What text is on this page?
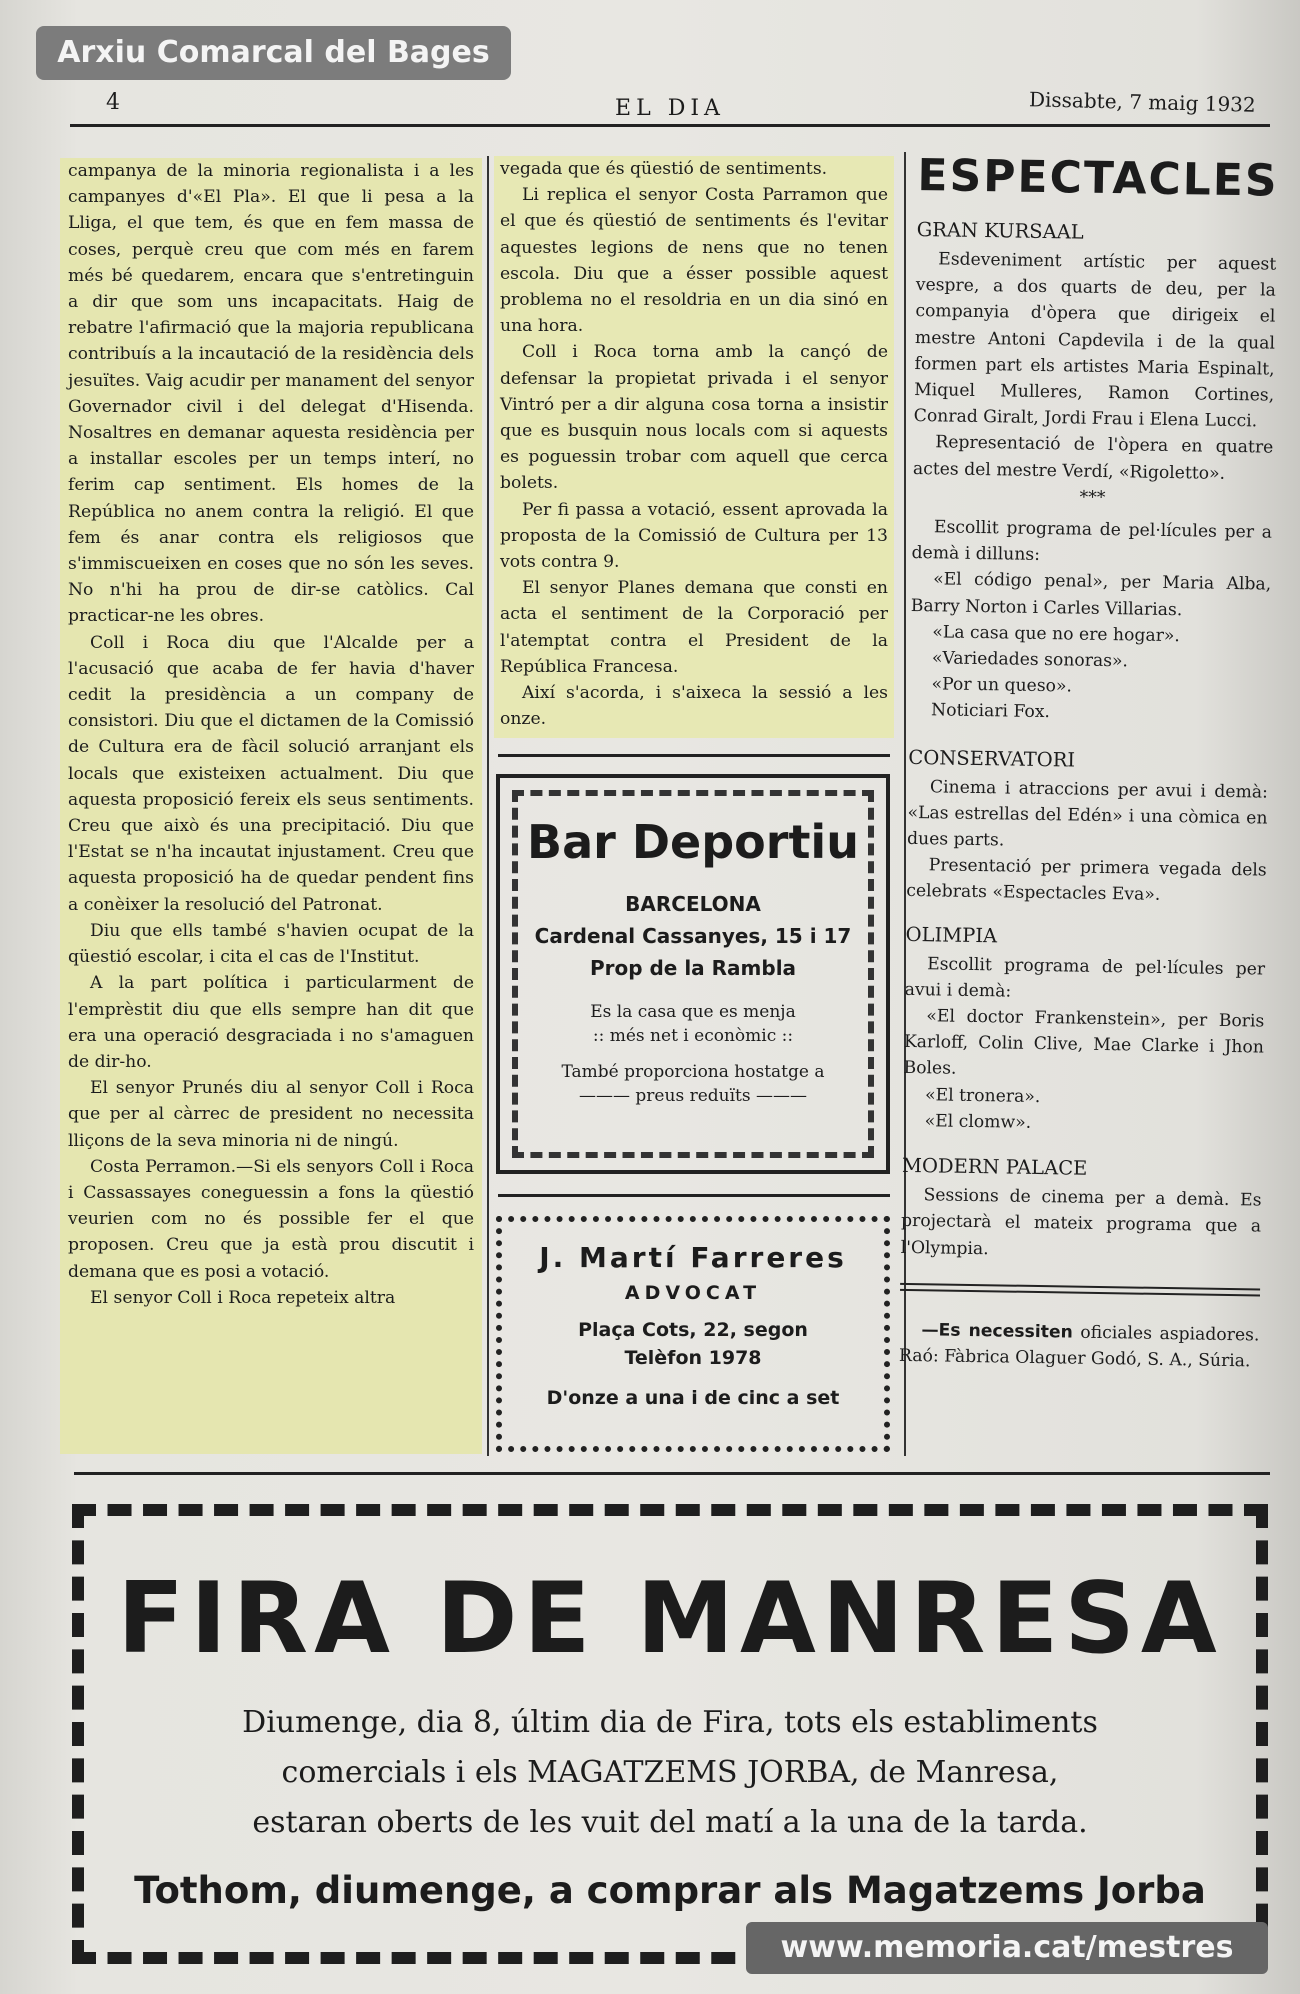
Arxiu Comarcal del Bages
4	EL DIA	Dissabte, 7 maig 1932

campanya de la minoria regionalista i a les campanyes d'«El Pla». El que li pesa a la Lliga, el que tem, és que en fem massa de coses, perquè creu que com més en farem més bé quedarem, encara que s'entretinguin a dir que som uns incapacitats. Haig de rebatre l'afirmació que la majoria republicana contribuís a la incautació de la residència dels jesuïtes. Vaig acudir per manament del senyor Governador civil i del delegat d'Hisenda. Nosaltres en demanar aquesta residència per a installar escoles per un temps interí, no ferim cap sentiment. Els homes de la República no anem contra la religió. El que fem és anar contra els religiosos que s'immiscueixen en coses que no són les seves. No n'hi ha prou de dir-se catòlics. Cal practicar-ne les obres.

Coll i Roca diu que l'Alcalde per a l'acusació que acaba de fer havia d'haver cedit la presidència a un company de consistori. Diu que el dictamen de la Comissió de Cultura era de fàcil solució arranjant els locals que existeixen actualment. Diu que aquesta proposició fereix els seus sentiments. Creu que això és una precipitació. Diu que l'Estat se n'ha incautat injustament. Creu que aquesta proposició ha de quedar pendent fins a conèixer la resolució del Patronat.

Diu que ells també s'havien ocupat de la qüestió escolar, i cita el cas de l'Institut.

A la part política i particularment de l'emprèstit diu que ells sempre han dit que era una operació desgraciada i no s'amaguen de dir-ho.

El senyor Prunés diu al senyor Coll i Roca que per al càrrec de president no necessita lliçons de la seva minoria ni de ningú.

Costa Perramon.—Si els senyors Coll i Roca i Cassassayes coneguessin a fons la qüestió veurien com no és possible fer el que proposen. Creu que ja està prou discutit i demana que es posi a votació.

El senyor Coll i Roca repeteix altra

vegada que és qüestió de sentiments.

Li replica el senyor Costa Parramon que el que és qüestió de sentiments és l'evitar aquestes legions de nens que no tenen escola. Diu que a ésser possible aquest problema no el resoldria en un dia sinó en una hora.

Coll i Roca torna amb la cançó de defensar la propietat privada i el senyor Vintró per a dir alguna cosa torna a insistir que es busquin nous locals com si aquests es poguessin trobar com aquell que cerca bolets.

Per fi passa a votació, essent aprovada la proposta de la Comissió de Cultura per 13 vots contra 9.

El senyor Planes demana que consti en acta el sentiment de la Corporació per l'atemptat contra el President de la República Francesa.

Així s'acorda, i s'aixeca la sessió a les onze.

Bar Deportiu
BARCELONA
Cardenal Cassanyes, 15 i 17
Prop de la Rambla
Es la casa que es menja
:: més net i econòmic ::
També proporciona hostatge a
——— preus reduïts ———
J. Martí Farreres
ADVOCAT
Plaça Cots, 22, segon
Telèfon 1978
D'onze a una i de cinc a set
ESPECTACLES
GRAN KURSAAL

Esdeveniment artístic per aquest vespre, a dos quarts de deu, per la companyia d'òpera que dirigeix el mestre Antoni Capdevila i de la qual formen part els artistes Maria Espinalt, Miquel Mulleres, Ramon Cortines, Conrad Giralt, Jordi Frau i Elena Lucci.

Representació de l'òpera en quatre actes del mestre Verdí, «Rigoletto».

***

Escollit programa de pel·lícules per a demà i dilluns:

«El código penal», per Maria Alba, Barry Norton i Carles Villarias.

«La casa que no ere hogar».

«Variedades sonoras».

«Por un queso».

Noticiari Fox.

CONSERVATORI

Cinema i atraccions per avui i demà: «Las estrellas del Edén» i una còmica en dues parts.

Presentació per primera vegada dels celebrats «Espectacles Eva».

OLIMPIA

Escollit programa de pel·lícules per avui i demà:

«El doctor Frankenstein», per Boris Karloff, Colin Clive, Mae Clarke i Jhon Boles.

«El tronera».

«El clomw».

MODERN PALACE

Sessions de cinema per a demà. Es projectarà el mateix programa que a l'Olympia.

—Es necessiten oficiales aspiadores. Raó: Fàbrica Olaguer Godó, S. A., Súria.

FIRA DE MANRESA
Diumenge, dia 8, últim dia de Fira, tots els establiments
comercials i els MAGATZEMS JORBA, de Manresa,
estaran oberts de les vuit del matí a la una de la tarda.
Tothom, diumenge, a comprar als Magatzems Jorba
www.memoria.cat/mestres
